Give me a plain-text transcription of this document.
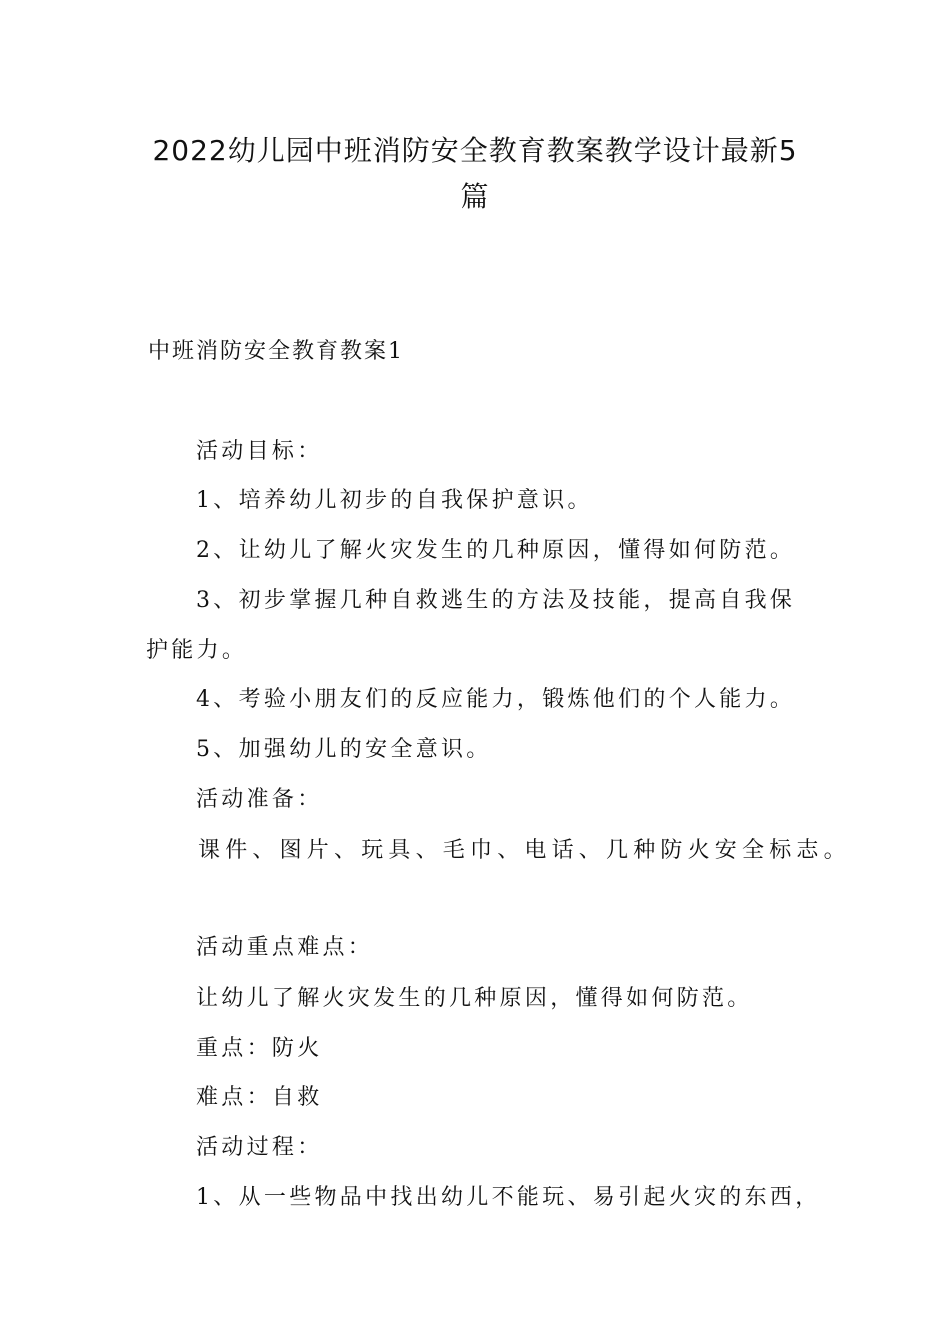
2022幼儿园中班消防安全教育教案教学设计最新5篇

中班消防安全教育教案1

活动目标：

1、培养幼儿初步的自我保护意识。

2、让幼儿了解火灾发生的几种原因，懂得如何防范。

3、初步掌握几种自救逃生的方法及技能，提高自我保

护能力。

4、考验小朋友们的反应能力，锻炼他们的个人能力。

5、加强幼儿的安全意识。

活动准备：

课件、图片、玩具、毛巾、电话、几种防火安全标志。

活动重点难点：

让幼儿了解火灾发生的几种原因，懂得如何防范。

重点：防火

难点：自救

活动过程：

1、从一些物品中找出幼儿不能玩、易引起火灾的东西，
